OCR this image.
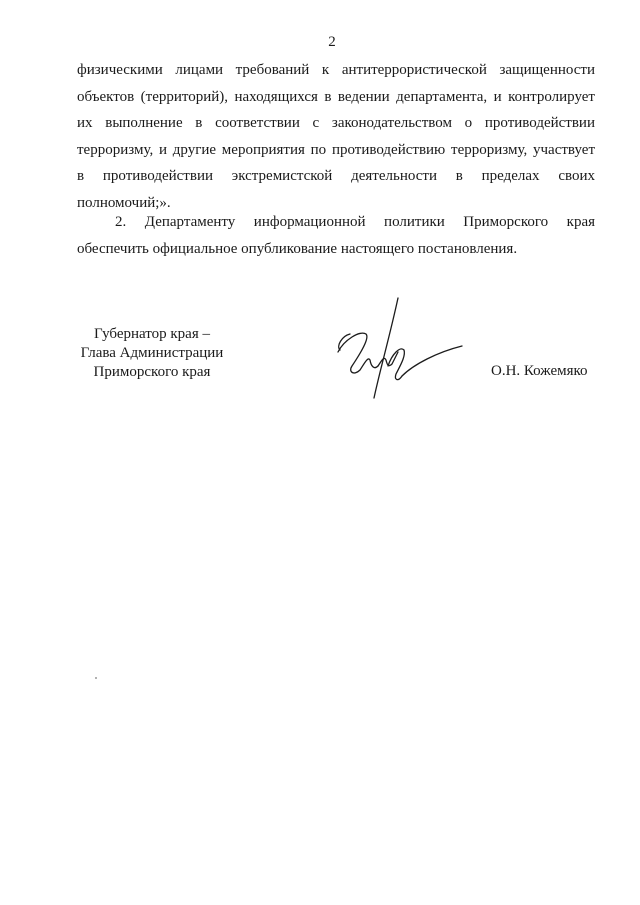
2
физическими лицами требований к антитеррористической защищенности
объектов (территорий), находящихся в ведении департамента, и контролирует
их выполнение в соответствии с законодательством о противодействии
терроризму, и другие мероприятия по противодействию терроризму, участвует
в противодействии экстремистской деятельности в пределах своих
полномочий;».
2. Департаменту информационной политики Приморского края
обеспечить официальное опубликование настоящего постановления.
Губернатор края –
Глава Администрации
Приморского края	О.Н. Кожемяко
